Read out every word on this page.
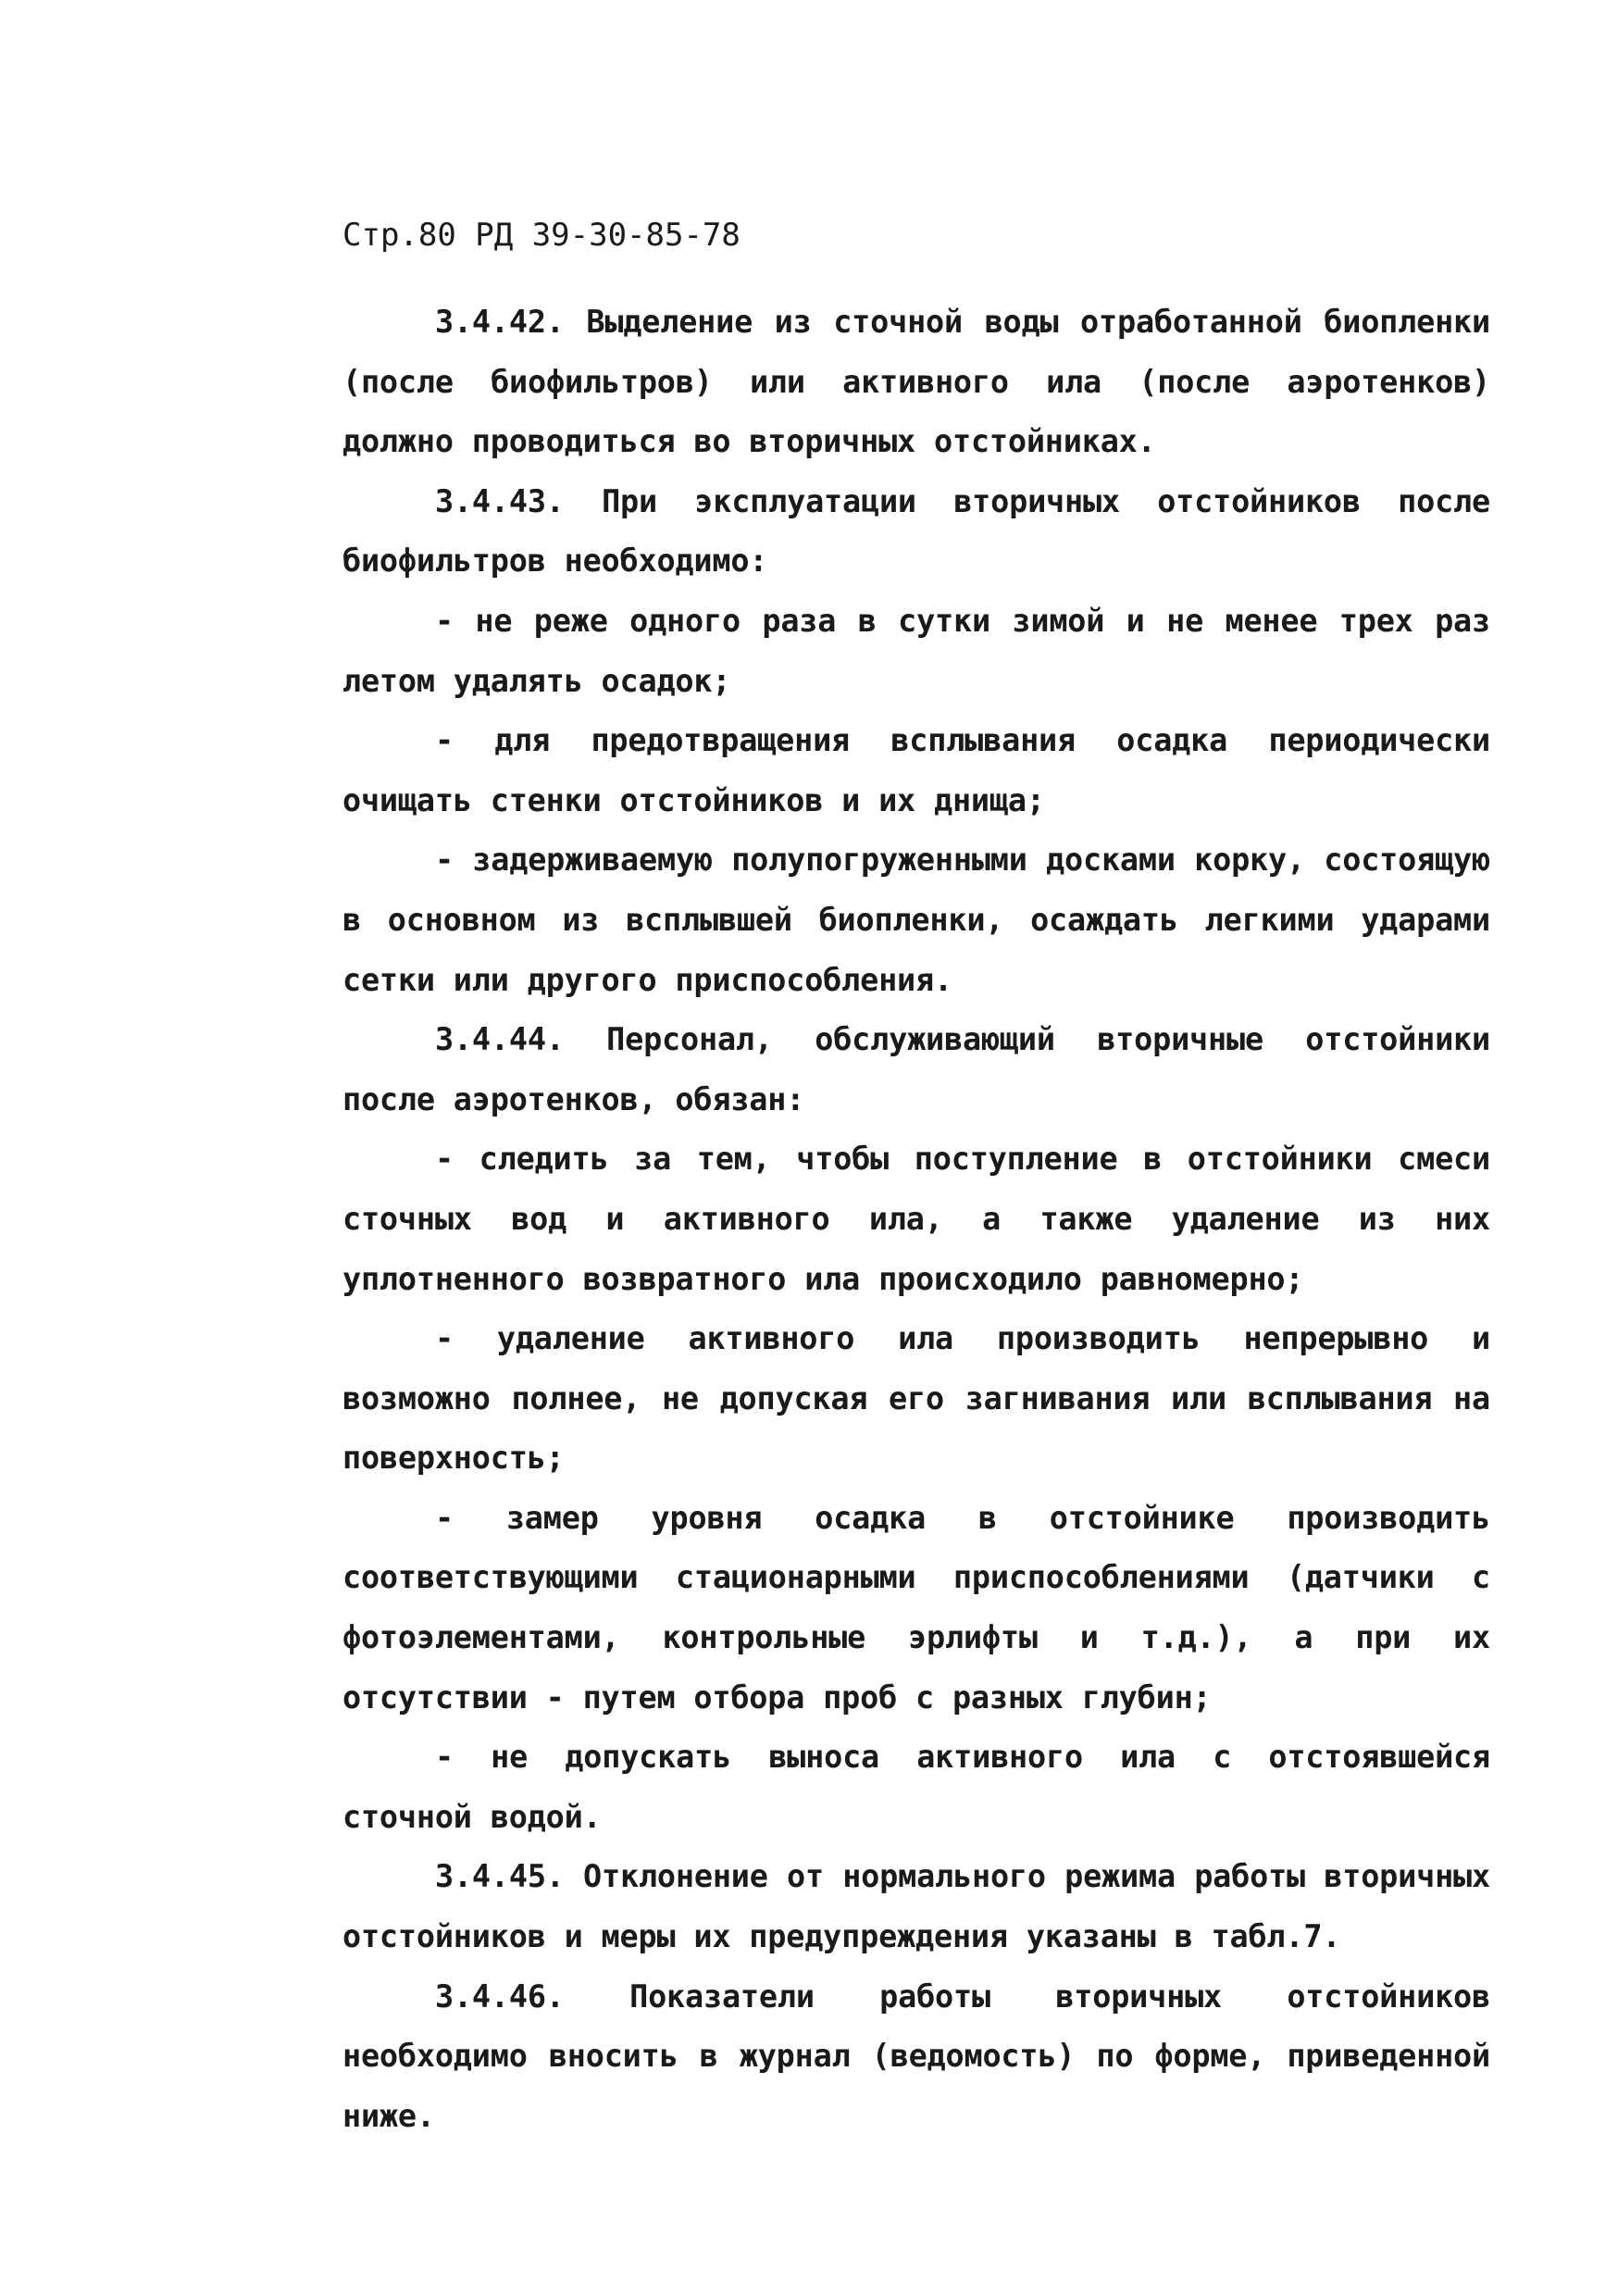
Стр.80 РД 39-30-85-78

3.4.42. Выделение из сточной воды отработанной биопленки (после биофильтров) или активного ила (после аэротенков) должно проводиться во вторичных отстойниках.

3.4.43. При эксплуатации вторичных отстойников после биофильтров необходимо:

- не реже одного раза в сутки зимой и не менее трех раз летом удалять осадок;

- для предотвращения всплывания осадка периодически очищать стенки отстойников и их днища;

- задерживаемую полупогруженными досками корку, состоящую в основном из всплывшей биопленки, осаждать легкими ударами сетки или другого приспособления.

3.4.44. Персонал, обслуживающий вторичные отстойники после аэротенков, обязан:

- следить за тем, чтобы поступление в отстойники смеси сточных вод и активного ила, а также удаление из них уплотненного возвратного ила происходило равномерно;

- удаление активного ила производить непрерывно и возможно полнее, не допуская его загнивания или всплывания на поверхность;

- замер уровня осадка в отстойнике производить соответствующими стационарными приспособлениями (датчики с фотоэлементами, контрольные эрлифты и т.д.), а при их отсутствии - путем отбора проб с разных глубин;

- не допускать выноса активного ила с отстоявшейся сточной водой.

3.4.45. Отклонение от нормального режима работы вторичных отстойников и меры их предупреждения указаны в табл.7.

3.4.46. Показатели работы вторичных отстойников необходимо вносить в журнал (ведомость) по форме, приведенной ниже.
